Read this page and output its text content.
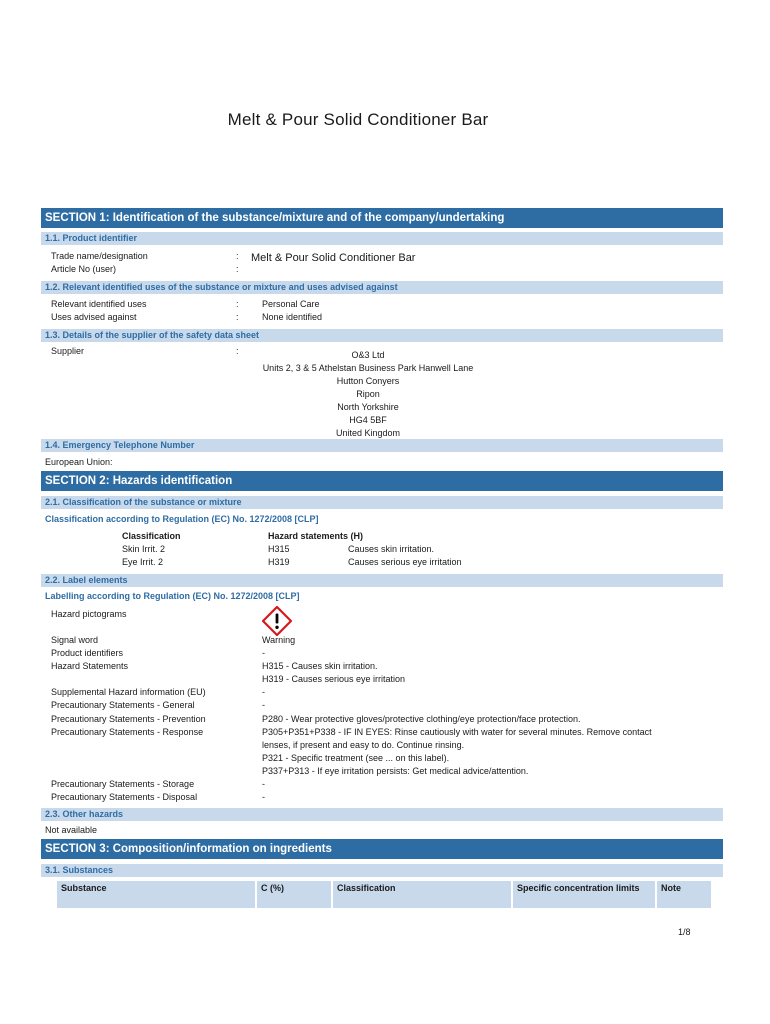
Melt & Pour Solid Conditioner Bar
SECTION 1: Identification of the substance/mixture and of the company/undertaking
1.1. Product identifier
Trade name/designation	: Melt & Pour Solid Conditioner Bar
Article No (user)	:
1.2. Relevant identified uses of the substance or mixture and uses advised against
Relevant identified uses	:	Personal Care
Uses advised against	:	None identified
1.3. Details of the supplier of the safety data sheet
Supplier	:	O&3 Ltd
Units 2, 3 & 5 Athelstan Business Park Hanwell Lane
Hutton Conyers
Ripon
North Yorkshire
HG4 5BF
United Kingdom
1.4. Emergency Telephone Number
European Union:
SECTION 2: Hazards identification
2.1. Classification of the substance or mixture
Classification according to Regulation (EC) No. 1272/2008 [CLP]
Classification	Hazard statements (H)
Skin Irrit. 2	H315	Causes skin irritation.
Eye Irrit. 2	H319	Causes serious eye irritation
2.2. Label elements
Labelling according to Regulation (EC) No. 1272/2008 [CLP]
Hazard pictograms
Signal word	Warning
Product identifiers	-
Hazard Statements	H315 - Causes skin irritation.
H319 - Causes serious eye irritation
Supplemental Hazard information (EU)	-
Precautionary Statements - General	-
Precautionary Statements - Prevention	P280 - Wear protective gloves/protective clothing/eye protection/face protection.
Precautionary Statements - Response	P305+P351+P338 - IF IN EYES: Rinse cautiously with water for several minutes. Remove contact
lenses, if present and easy to do. Continue rinsing.
P321 - Specific treatment (see ... on this label).
P337+P313 - If eye irritation persists: Get medical advice/attention.
Precautionary Statements - Storage	-
Precautionary Statements - Disposal	-
2.3. Other hazards
Not available
SECTION 3: Composition/information on ingredients
3.1. Substances
Substance	C (%)	Classification	Specific concentration limits	Note
1/8
